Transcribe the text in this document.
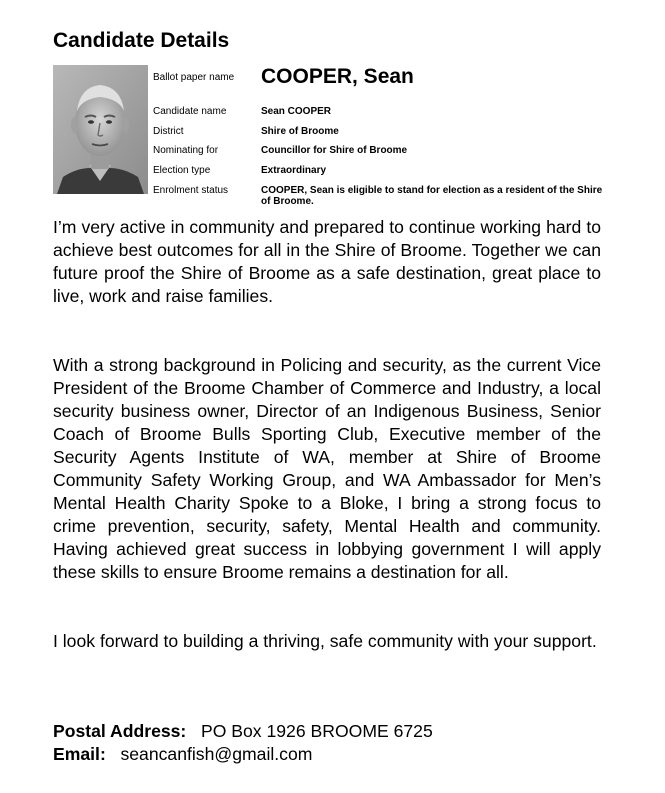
Candidate Details
Ballot paper name COOPER, Sean
Candidate name	Sean COOPER
District	Shire of Broome
Nominating for	Councillor for Shire of Broome
Election type	Extraordinary
Enrolment status	COOPER, Sean is eligible to stand for election as a resident of the Shire of Broome.

I’m very active in community and prepared to continue working hard to achieve best outcomes for all in the Shire of Broome. Together we can future proof the Shire of Broome as a safe destination, great place to live, work and raise families.

With a strong background in Policing and security, as the current Vice President of the Broome Chamber of Commerce and Industry, a local security business owner, Director of an Indigenous Business, Senior Coach of Broome Bulls Sporting Club, Executive member of the Security Agents Institute of WA, member at Shire of Broome Community Safety Working Group, and WA Ambassador for Men’s Mental Health Charity Spoke to a Bloke, I bring a strong focus to crime prevention, security, safety, Mental Health and community. Having achieved great success in lobbying government I will apply these skills to ensure Broome remains a destination for all.

I look forward to building a thriving, safe community with your support.

Postal Address:   PO Box 1926 BROOME 6725
Email:   seancanfish@gmail.com
